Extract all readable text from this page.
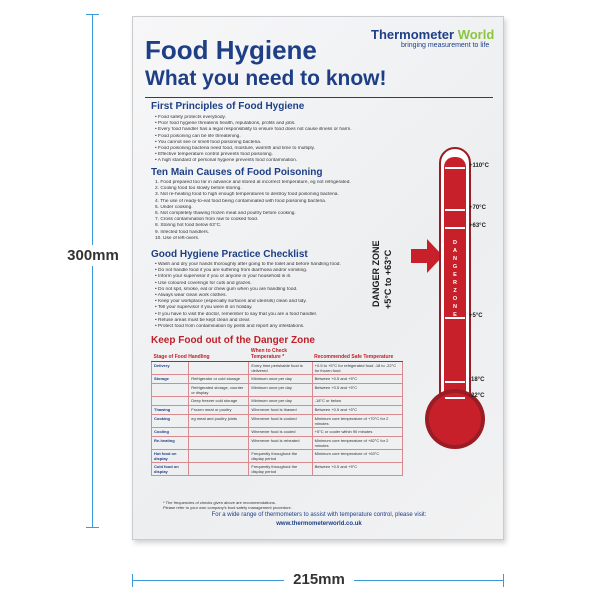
300mm
215mm
Food Hygiene
What you need to know!
Thermometer World
bringing measurement to life
First Principles of Food Hygiene
• Food safety protects everybody.
• Poor food hygiene threatens health, reputations, profits and jobs.
• Every food handler has a legal responsibility to ensure food does not cause illness or harm.
• Food poisoning can be life threatening.
• You cannot see or smell food poisoning bacteria.
• Food poisoning bacteria need food, moisture, warmth and time to multiply.
• Effective temperature control prevents food poisoning.
• A high standard of personal hygiene prevents food contamination.
Ten Main Causes of Food Poisoning
1. Food prepared too far in advance and stored at incorrect temperature, eg not refrigerated.
2. Cooling food too slowly before storing.
3. Not re-heating food to high enough temperatures to destroy food poisoning bacteria.
4. The use of ready-to-eat food being contaminated with food poisoning bacteria.
5. Under cooking.
6. Not completely thawing frozen meat and poultry before cooking.
7. Cross contamination from raw to cooked food.
8. Storing hot food below 63°C.
9. Infected food handlers.
10. Use of left-overs.
Good Hygiene Practice Checklist
• Wash and dry your hands thoroughly after going to the toilet and before handling food.
• Do not handle food if you are suffering from diarrhoea and/or vomiting.
• Inform your supervisor if you or anyone in your household is ill.
• Use coloured coverings for cuts and grazes.
• Do not spit, smoke, eat or chew gum when you are handling food.
• Always wear clean work clothes.
• Keep your workplace (especially surfaces and utensils) clean and tidy.
• Tell your supervisor if you were ill on holiday.
• If you have to visit the doctor, remember to say that you are a food handler.
• Refuse areas must be kept clean and clear.
• Protect food from contamination by pests and report any infestations.
DANGER ZONE +5°C to +63°C
D
A
N
G
E
R
Z
O
N
E
+110°C
+70°C
+63°C
+5°C
-18°C
-22°C
Keep Food out of the Danger Zone
Stage of Food Handling		When to Check Temperature *	Recommended Safe Temperature
Delivery		Every time perishable food is delivered	+0.5 to +5°C for refrigerated food -18 to -22°C for frozen food
Storage	Refrigerator or cold storage	Minimum once per day	Between +0.5 and +5°C
	Refrigerated storage, counter or display	Minimum once per day	Between +0.5 and +5°C
	Deep freezer cold storage	Minimum once per day	-18°C or below
Thawing	Frozen meat or poultry	Whenever food is thawed	Between +0.5 and +5°C
Cooking	eg meat and poultry joints	Whenever food is cooked	Minimum core temperature of +70°C for 2 minutes
Cooling		Whenever food is cooled	+5°C or cooler within 90 minutes
Re-heating		Whenever food is reheated	Minimum core temperature of +82°C for 2 minutes
Hot food on display		Frequently throughout the display period	Minimum core temperature of +63°C
Cold food on display		Frequently throughout the display period	Between +0.5 and +5°C
* The frequencies of checks given above are recommendations.
Please refer to your own company's food safety management procedure.
For a wide range of thermometers to assist with temperature control, please visit:
www.thermometerworld.co.uk
